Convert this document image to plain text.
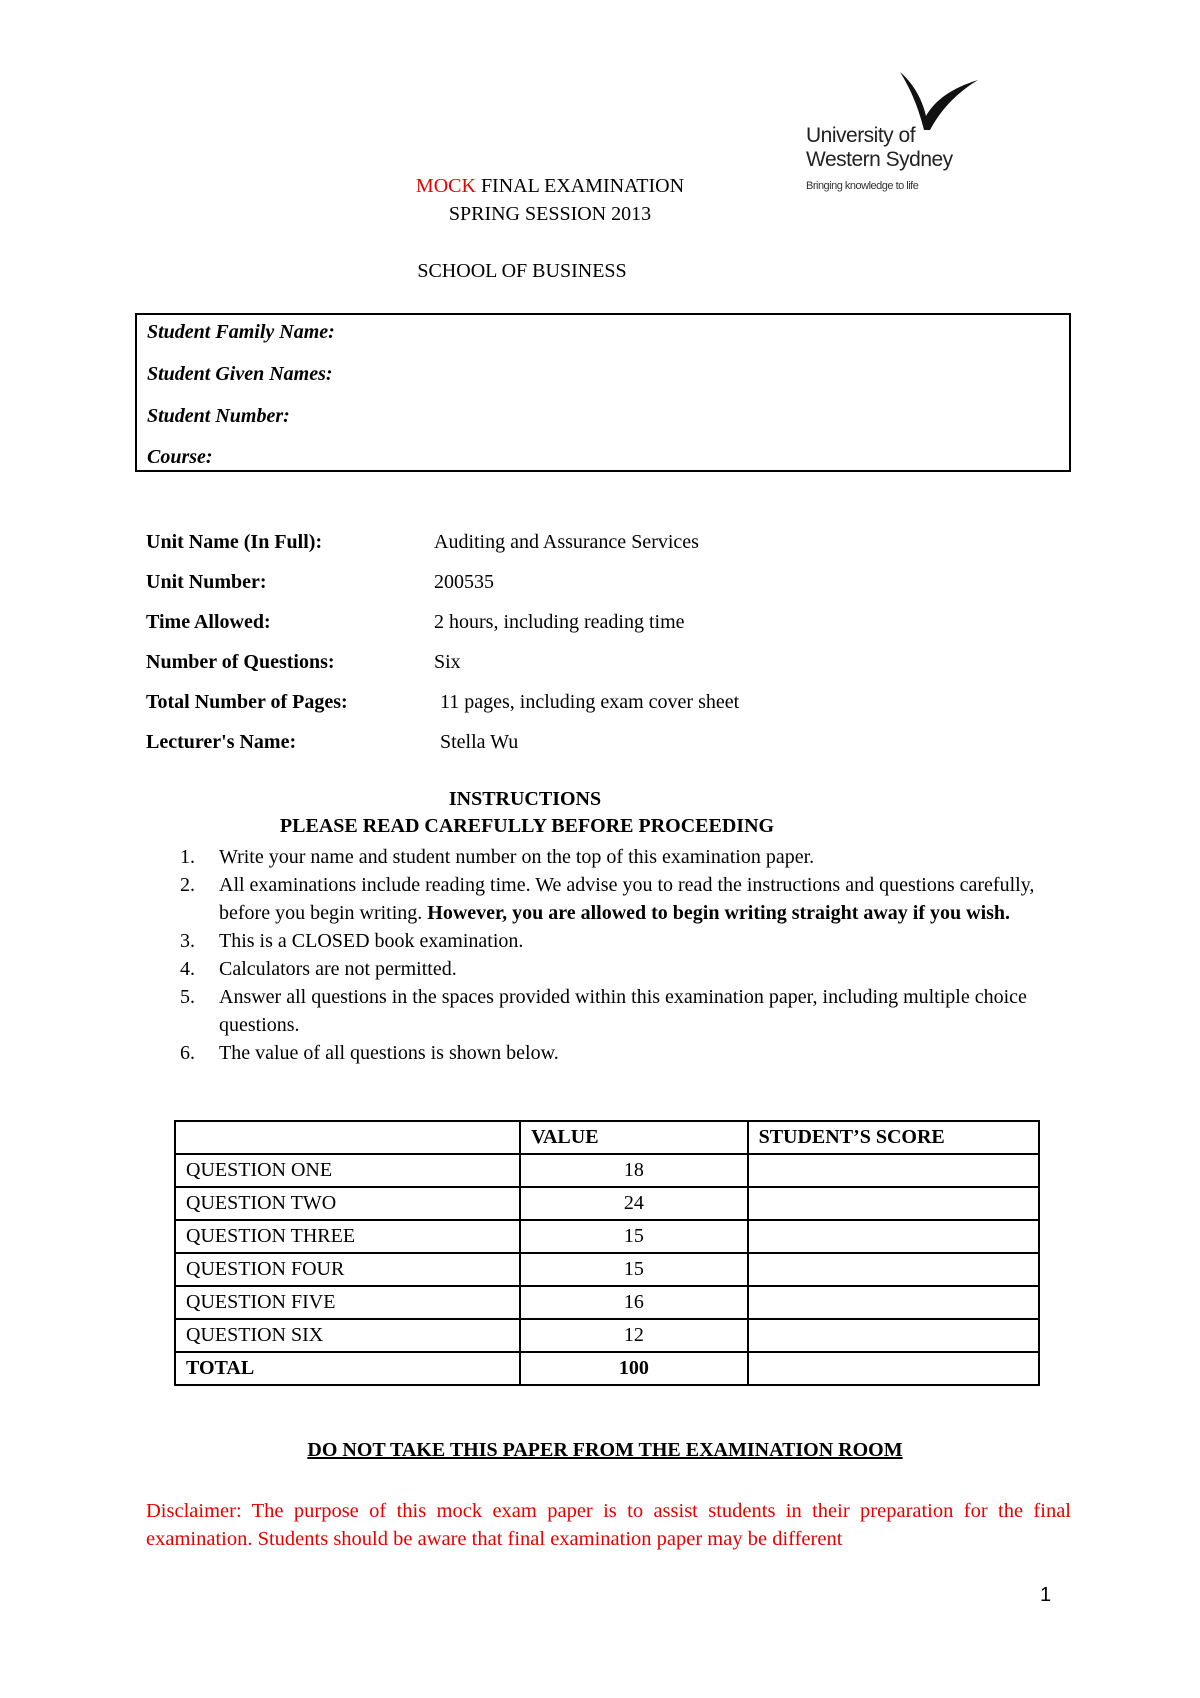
University of
Western Sydney
Bringing knowledge to life
MOCK FINAL EXAMINATION
SPRING SESSION 2013
SCHOOL OF BUSINESS
Student Family Name:
Student Given Names:
Student Number:
Course:
Unit Name (In Full):	Auditing and Assurance Services
Unit Number:	200535
Time Allowed:	2 hours, including reading time
Number of Questions:	Six
Total Number of Pages:	11 pages, including exam cover sheet
Lecturer's Name:	Stella Wu
INSTRUCTIONS
PLEASE READ CAREFULLY BEFORE PROCEEDING
1. Write your name and student number on the top of this examination paper.
2. All examinations include reading time. We advise you to read the instructions and questions carefully, before you begin writing. However, you are allowed to begin writing straight away if you wish.
3. This is a CLOSED book examination.
4. Calculators are not permitted.
5. Answer all questions in the spaces provided within this examination paper, including multiple choice questions.
6. The value of all questions is shown below.
	VALUE	STUDENT’S SCORE
QUESTION ONE	18	
QUESTION TWO	24	
QUESTION THREE	15	
QUESTION FOUR	15	
QUESTION FIVE	16	
QUESTION SIX	12	
TOTAL	100	
DO NOT TAKE THIS PAPER FROM THE EXAMINATION ROOM
Disclaimer: The purpose of this mock exam paper is to assist students in their preparation for the final examination. Students should be aware that final examination paper may be different
1
